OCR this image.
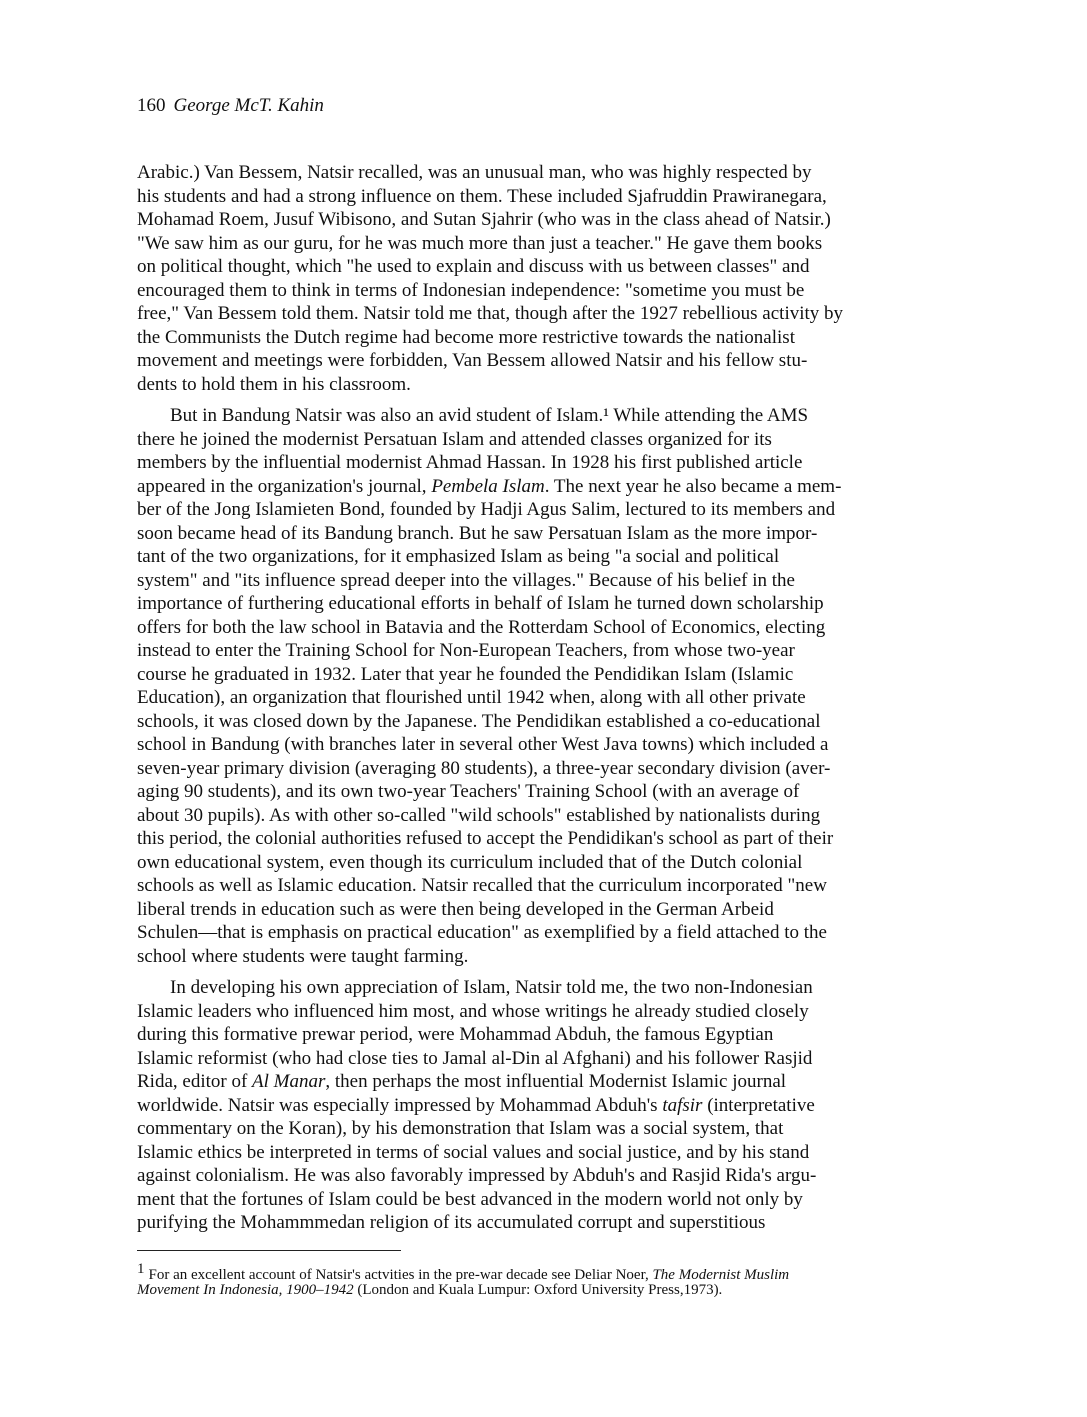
160 George McT. Kahin
Arabic.) Van Bessem, Natsir recalled, was an unusual man, who was highly respected by
his students and had a strong influence on them. These included Sjafruddin Prawiranegara,
Mohamad Roem, Jusuf Wibisono, and Sutan Sjahrir (who was in the class ahead of Natsir.)
"We saw him as our guru, for he was much more than just a teacher." He gave them books
on political thought, which "he used to explain and discuss with us between classes" and
encouraged them to think in terms of Indonesian independence: "sometime you must be
free," Van Bessem told them. Natsir told me that, though after the 1927 rebellious activity by
the Communists the Dutch regime had become more restrictive towards the nationalist
movement and meetings were forbidden, Van Bessem allowed Natsir and his fellow stu-
dents to hold them in his classroom.
But in Bandung Natsir was also an avid student of Islam.¹ While attending the AMS
there he joined the modernist Persatuan Islam and attended classes organized for its
members by the influential modernist Ahmad Hassan. In 1928 his first published article
appeared in the organization's journal, Pembela Islam. The next year he also became a mem-
ber of the Jong Islamieten Bond, founded by Hadji Agus Salim, lectured to its members and
soon became head of its Bandung branch. But he saw Persatuan Islam as the more impor-
tant of the two organizations, for it emphasized Islam as being "a social and political
system" and "its influence spread deeper into the villages." Because of his belief in the
importance of furthering educational efforts in behalf of Islam he turned down scholarship
offers for both the law school in Batavia and the Rotterdam School of Economics, electing
instead to enter the Training School for Non-European Teachers, from whose two-year
course he graduated in 1932. Later that year he founded the Pendidikan Islam (Islamic
Education), an organization that flourished until 1942 when, along with all other private
schools, it was closed down by the Japanese. The Pendidikan established a co-educational
school in Bandung (with branches later in several other West Java towns) which included a
seven-year primary division (averaging 80 students), a three-year secondary division (aver-
aging 90 students), and its own two-year Teachers' Training School (with an average of
about 30 pupils). As with other so-called "wild schools" established by nationalists during
this period, the colonial authorities refused to accept the Pendidikan's school as part of their
own educational system, even though its curriculum included that of the Dutch colonial
schools as well as Islamic education. Natsir recalled that the curriculum incorporated "new
liberal trends in education such as were then being developed in the German Arbeid
Schulen—that is emphasis on practical education" as exemplified by a field attached to the
school where students were taught farming.
In developing his own appreciation of Islam, Natsir told me, the two non-Indonesian
Islamic leaders who influenced him most, and whose writings he already studied closely
during this formative prewar period, were Mohammad Abduh, the famous Egyptian
Islamic reformist (who had close ties to Jamal al-Din al Afghani) and his follower Rasjid
Rida, editor of Al Manar, then perhaps the most influential Modernist Islamic journal
worldwide. Natsir was especially impressed by Mohammad Abduh's tafsir (interpretative
commentary on the Koran), by his demonstration that Islam was a social system, that
Islamic ethics be interpreted in terms of social values and social justice, and by his stand
against colonialism. He was also favorably impressed by Abduh's and Rasjid Rida's argu-
ment that the fortunes of Islam could be best advanced in the modern world not only by
purifying the Mohammmedan religion of its accumulated corrupt and superstitious
$^1$ For an excellent account of Natsir's actvities in the pre-war decade see Deliar Noer, The Modernist Muslim
Movement In Indonesia, 1900–1942 (London and Kuala Lumpur: Oxford University Press,1973).
